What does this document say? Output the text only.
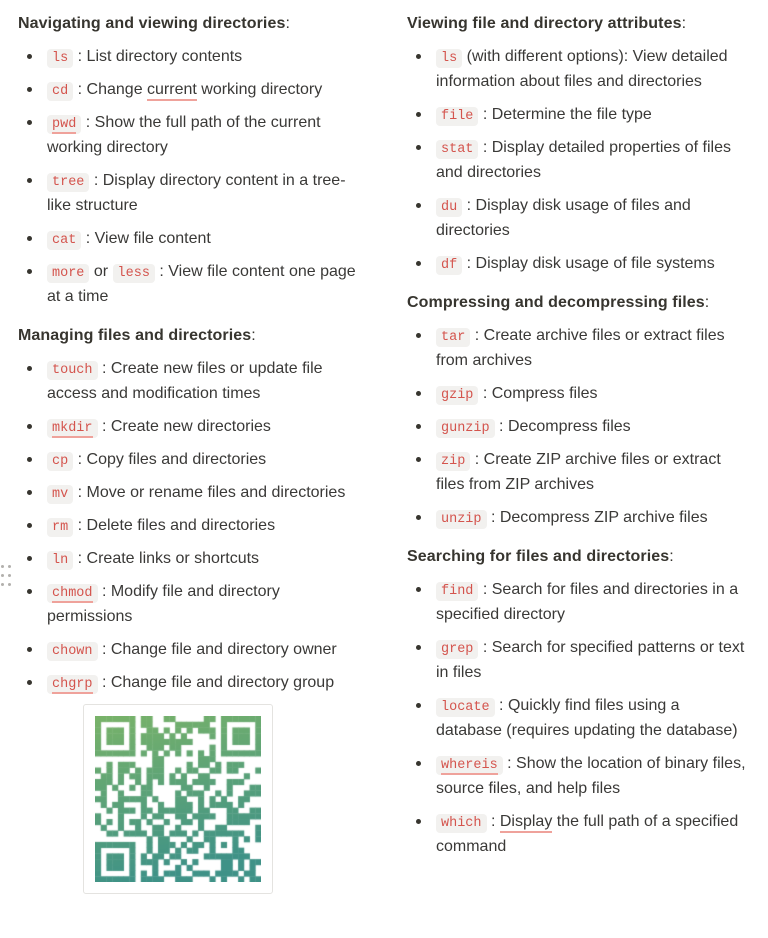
Navigating and viewing directories:
ls : List directory contents
cd : Change current working directory
pwd : Show the full path of the current working directory
tree : Display directory content in a tree-like structure
cat : View file content
more or less : View file content one page at a time
Managing files and directories:
touch : Create new files or update file access and modification times
mkdir : Create new directories
cp : Copy files and directories
mv : Move or rename files and directories
rm : Delete files and directories
ln : Create links or shortcuts
chmod : Modify file and directory permissions
chown : Change file and directory owner
chgrp : Change file and directory group
Viewing file and directory attributes:
ls (with different options): View detailed information about files and directories
file : Determine the file type
stat : Display detailed properties of files and directories
du : Display disk usage of files and directories
df : Display disk usage of file systems
Compressing and decompressing files:
tar : Create archive files or extract files from archives
gzip : Compress files
gunzip : Decompress files
zip : Create ZIP archive files or extract files from ZIP archives
unzip : Decompress ZIP archive files
Searching for files and directories:
find : Search for files and directories in a specified directory
grep : Search for specified patterns or text in files
locate : Quickly find files using a database (requires updating the database)
whereis : Show the location of binary files, source files, and help files
which : Display the full path of a specified command
